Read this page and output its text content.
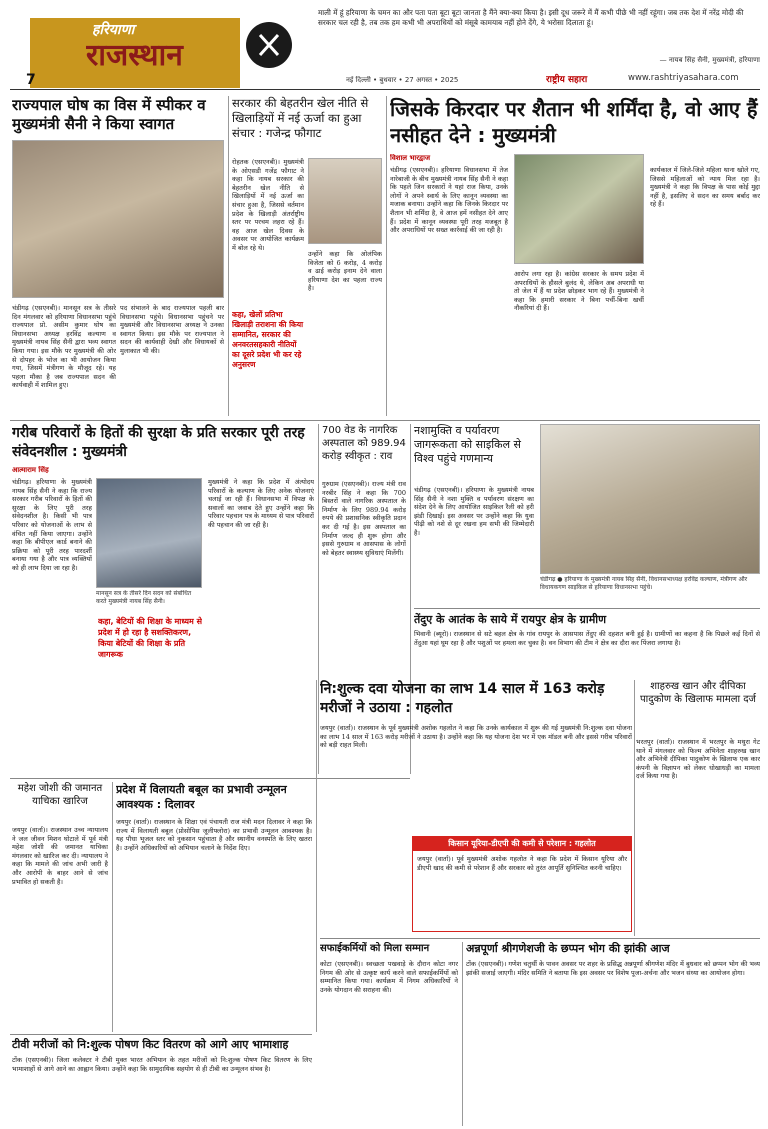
हरियाणा
राजस्थान
7
माली में हूं हरियाणा के चमन का और पता पता बूटा बूटा जानता है मैंने क्या-क्या किया है। इसी दूध जरूरे में मैं कभी पीछे भी नहीं रहूंगा। जब तक देश में नरेंद्र मोदी की सरकार चल रही है, तब तक हम कभी भी अपराधियों को मंसूबे कामयाब नहीं होने देंगे, ये भरोसा दिलाता हूं।
— नायब सिंह सैनी, मुख्यमंत्री, हरियाणा
नई दिल्ली • बुधवार • 27 अगस्त • 2025	राष्ट्रीय सहारा	www.rashtriyasahara.com
राज्यपाल घोष का विस में स्पीकर व मुख्यमंत्री सैनी ने किया स्वागत
चंडीगढ़ (एसएनबी)। मानसून सत्र के तीसरे दिन मंगलवार को हरियाणा विधानसभा पहुंचे राज्यपाल प्रो. असीम कुमार घोष का विधानसभा अध्यक्ष हरविंद्र कल्याण व मुख्यमंत्री नायब सिंह सैनी द्वारा भव्य स्वागत किया गया। इस मौके पर मुख्यमंत्री की ओर से दोपहर के भोज का भी आयोजन किया गया, जिसमें मंत्रीगण के मौजूद रहे। यह पहला मौका है जब राज्यपाल सदन की कार्यवाही में शामिल हुए।
पद संभालने के बाद राज्यपाल पहली बार विधानसभा पहुंचे। विधानसभा पहुंचने पर मुख्यमंत्री और विधानसभा अध्यक्ष ने उनका स्वागत किया। इस मौके पर राज्यपाल ने सदन की कार्यवाही देखी और विधायकों से मुलाकात भी की।
सरकार की बेहतरीन खेल नीति से खिलाड़ियों में नई ऊर्जा का हुआ संचार : गजेन्द्र फौगाट
रोहतक (एसएनबी)। मुख्यमंत्री के ओएसडी गजेंद्र फौगाट ने कहा कि नायब सरकार की बेहतरीन खेल नीति से खिलाड़ियों में नई ऊर्जा का संचार हुआ है, जिससे वर्तमान प्रदेश के खिलाड़ी अंतर्राष्ट्रीय स्तर पर परचम लहरा रहे हैं। वह आज खेल दिवस के अवसर पर आयोजित कार्यक्रम में बोल रहे थे।
कहा, खेलों प्रतिभा खिलाड़ी तराशना की किया सम्मानित, सरकार की अनवरतसहकारी नीतियों का दूसरे प्रदेश भी कर रहे अनुसरण
उन्होंने कहा कि ओलंपिक विजेता को 6 करोड़, 4 करोड़ व ढाई करोड़ इनाम देने वाला हरियाणा देश का पहला राज्य है।
जिसके किरदार पर शैतान भी शर्मिंदा है, वो आए हैं नसीहत देने : मुख्यमंत्री
विशाल भारद्वाज
चंडीगढ़ (एसएनबी)। हरियाणा विधानसभा में तेज नारेबाजी के बीच मुख्यमंत्री नायब सिंह सैनी ने कहा कि पहले जिन सरकारों ने यहां राज किया, उनके लोगों ने अपने स्वार्थ के लिए कानून व्यवस्था का मजाक बनाया। उन्होंने कहा कि जिनके किरदार पर शैतान भी शर्मिंदा है, वे आज हमें नसीहत देने आए हैं। प्रदेश में कानून व्यवस्था पूरी तरह मजबूत है और अपराधियों पर सख्त कार्रवाई की जा रही है।
आरोप लगा रहा है। कांग्रेस सरकार के समय प्रदेश में अपराधियों के हौसले बुलंद थे, लेकिन अब अपराधी या तो जेल में हैं या प्रदेश छोड़कर भाग रहे हैं। मुख्यमंत्री ने कहा कि हमारी सरकार ने बिना पर्ची-बिना खर्ची नौकरियां दी हैं।
कार्यकाल में जिले-जिले महिला थाना खोले गए, जिससे महिलाओं को न्याय मिल रहा है। मुख्यमंत्री ने कहा कि विपक्ष के पास कोई मुद्दा नहीं है, इसलिए वे सदन का समय बर्बाद कर रहे हैं।
गरीब परिवारों के हितों की सुरक्षा के प्रति सरकार पूरी तरह संवेदनशील : मुख्यमंत्री
आत्माराम सिंह
चंडीगढ़। हरियाणा के मुख्यमंत्री नायब सिंह सैनी ने कहा कि राज्य सरकार गरीब परिवारों के हितों की सुरक्षा के लिए पूरी तरह संवेदनशील है। किसी भी पात्र परिवार को योजनाओं के लाभ से वंचित नहीं किया जाएगा। उन्होंने कहा कि बीपीएल कार्ड बनाने की प्रक्रिया को पूरी तरह पारदर्शी बनाया गया है और पात्र व्यक्तियों को ही लाभ दिया जा रहा है।
मानसून सत्र के तीसरे दिन सदन को संबोधित करते मुख्यमंत्री नायब सिंह सैनी।
कहा, बेटियों की शिक्षा के माध्यम से प्रदेश में हो रहा है सशक्तिकरण, किया बेटियों की शिक्षा के प्रति जागरूक
मुख्यमंत्री ने कहा कि प्रदेश में अंत्योदय परिवारों के कल्याण के लिए अनेक योजनाएं चलाई जा रही हैं। विधानसभा में विपक्ष के सवालों का जवाब देते हुए उन्होंने कहा कि परिवार पहचान पत्र के माध्यम से पात्र परिवारों की पहचान की जा रही है।
700 वेड के नागरिक अस्पताल को 989.94 करोड़ स्वीकृत : राव
गुरुग्राम (एसएनबी)। राज्य मंत्री राव नरबीर सिंह ने कहा कि 700 बिस्तरों वाले नागरिक अस्पताल के निर्माण के लिए 989.94 करोड़ रुपये की प्रशासनिक स्वीकृति प्रदान कर दी गई है। इस अस्पताल का निर्माण जल्द ही शुरू होगा और इससे गुरुग्राम व आसपास के लोगों को बेहतर स्वास्थ्य सुविधाएं मिलेंगी।
नशामुक्ति व पर्यावरण जागरूकता को साइकिल से विश्व पहुंचे गणमान्य
चंडीगढ़ (एसएनबी)। हरियाणा के मुख्यमंत्री नायब सिंह सैनी ने नशा मुक्ति व पर्यावरण संरक्षण का संदेश देने के लिए आयोजित साइकिल रैली को हरी झंडी दिखाई। इस अवसर पर उन्होंने कहा कि युवा पीढ़ी को नशे से दूर रखना हम सभी की जिम्मेदारी है।
चंडीगढ़ ● हरियाणा के मुख्यमंत्री नायब सिंह सैनी, विधानसभाध्यक्ष हरविंद्र कल्याण, मंत्रीगण और विधायकगण साइकिल से हरियाणा विधानसभा पहुंचे।
तेंदुए के आतंक के साये में रायपुर क्षेत्र के ग्रामीण
भिवानी (ब्यूरो)। राजस्थान से सटे बहल क्षेत्र के गांव रायपुर के आसपास तेंदुए की दहशत बनी हुई है। ग्रामीणों का कहना है कि पिछले कई दिनों से तेंदुआ यहां घूम रहा है और पशुओं पर हमला कर चुका है। वन विभाग की टीम ने क्षेत्र का दौरा कर पिंजरा लगाया है।
शाहरुख खान और दीपिका पादुकोण के खिलाफ मामला दर्ज
भरतपुर (वार्ता)। राजस्थान में भरतपुर के मथुरा गेट थाने में मंगलवार को फिल्म अभिनेता शाहरुख खान और अभिनेत्री दीपिका पादुकोण के खिलाफ एक कार कंपनी के विज्ञापन को लेकर धोखाधड़ी का मामला दर्ज किया गया है।
महेश जोशी की जमानत याचिका खारिज
जयपुर (वार्ता)। राजस्थान उच्च न्यायालय ने जल जीवन मिशन घोटाले में पूर्व मंत्री महेश जोशी की जमानत याचिका मंगलवार को खारिज कर दी। न्यायालय ने कहा कि मामले की जांच अभी जारी है और आरोपी के बाहर आने से जांच प्रभावित हो सकती है।
प्रदेश में विलायती बबूल का प्रभावी उन्मूलन आवश्यक : दिलावर
जयपुर (वार्ता)। राजस्थान के शिक्षा एवं पंचायती राज मंत्री मदन दिलावर ने कहा कि राज्य में विलायती बबूल (प्रोसोपिस जूलीफ्लोरा) का प्रभावी उन्मूलन आवश्यक है। यह पौधा भूजल स्तर को नुकसान पहुंचाता है और स्थानीय वनस्पति के लिए खतरा है। उन्होंने अधिकारियों को अभियान चलाने के निर्देश दिए।
नि:शुल्क दवा योजना का लाभ 14 साल में 163 करोड़ मरीजों ने उठाया : गहलोत
जयपुर (वार्ता)। राजस्थान के पूर्व मुख्यमंत्री अशोक गहलोत ने कहा कि उनके कार्यकाल में शुरू की गई मुख्यमंत्री नि:शुल्क दवा योजना का लाभ 14 साल में 163 करोड़ मरीजों ने उठाया है। उन्होंने कहा कि यह योजना देश भर में एक मॉडल बनी और इससे गरीब परिवारों को बड़ी राहत मिली।
किसान यूरिया-डीएपी की कमी से परेशान : गहलोत
जयपुर (वार्ता)। पूर्व मुख्यमंत्री अशोक गहलोत ने कहा कि प्रदेश में किसान यूरिया और डीएपी खाद की कमी से परेशान हैं और सरकार को तुरंत आपूर्ति सुनिश्चित करनी चाहिए।
टीवी मरीजों को नि:शुल्क पोषण किट वितरण को आगे आए भामाशाह
टोंक (एसएनबी)। जिला कलेक्टर ने टीबी मुक्त भारत अभियान के तहत मरीजों को नि:शुल्क पोषण किट वितरण के लिए भामाशाहों से आगे आने का आह्वान किया। उन्होंने कहा कि सामुदायिक सहयोग से ही टीबी का उन्मूलन संभव है।
सफाईकर्मियों को मिला सम्मान
कोटा (एसएनबी)। स्वच्छता पखवाड़े के दौरान कोटा नगर निगम की ओर से उत्कृष्ट कार्य करने वाले सफाईकर्मियों को सम्मानित किया गया। कार्यक्रम में निगम अधिकारियों ने उनके योगदान की सराहना की।
अन्नपूर्णा श्रीगणेशजी के छप्पन भोग की झांकी आज
टोंक (एसएनबी)। गणेश चतुर्थी के पावन अवसर पर शहर के प्रसिद्ध अन्नपूर्णा श्रीगणेश मंदिर में बुधवार को छप्पन भोग की भव्य झांकी सजाई जाएगी। मंदिर समिति ने बताया कि इस अवसर पर विशेष पूजा-अर्चना और भजन संध्या का आयोजन होगा।
